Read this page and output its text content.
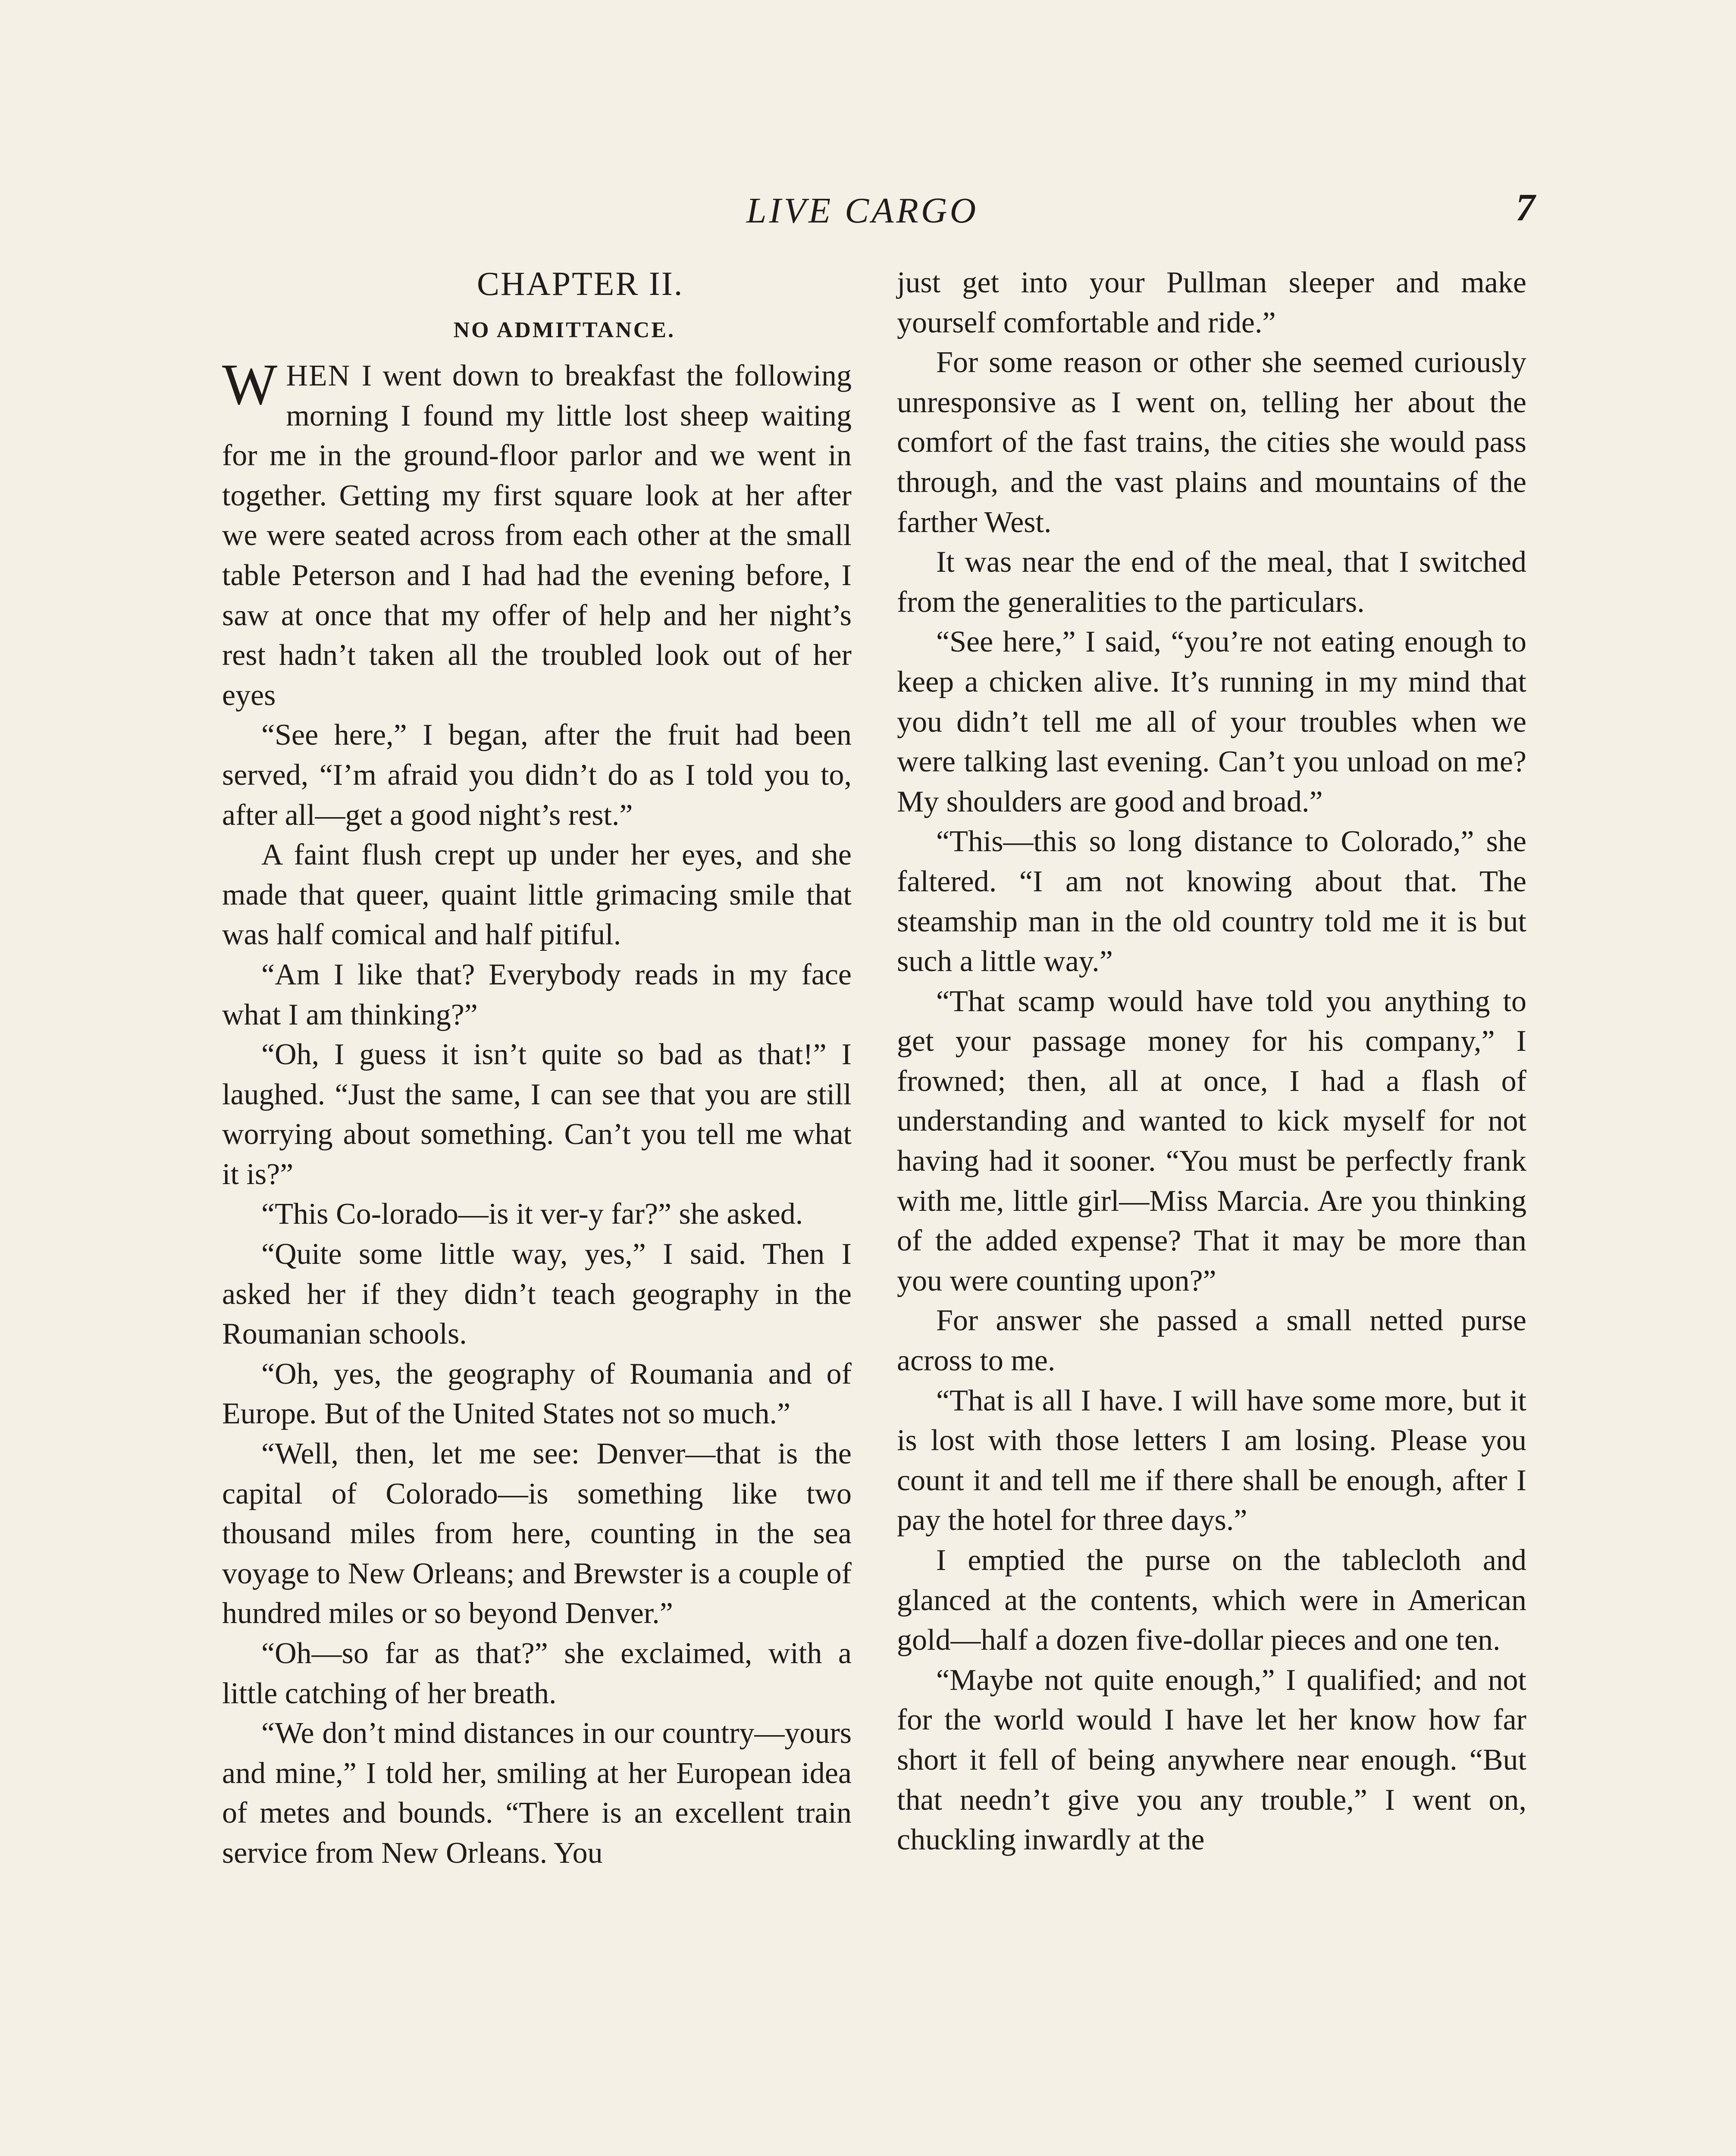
LIVE CARGO	7

CHAPTER II.

NO ADMITTANCE.

WHEN I went down to breakfast the following morning I found my little lost sheep waiting for me in the ground-floor parlor and we went in together. Getting my first square look at her after we were seated across from each other at the small table Peterson and I had had the evening before, I saw at once that my offer of help and her night’s rest hadn’t taken all the troubled look out of her eyes

“See here,” I began, after the fruit had been served, “I’m afraid you didn’t do as I told you to, after all—get a good night’s rest.”

A faint flush crept up under her eyes, and she made that queer, quaint little grimacing smile that was half comical and half pitiful.

“Am I like that? Everybody reads in my face what I am thinking?”

“Oh, I guess it isn’t quite so bad as that!” I laughed. “Just the same, I can see that you are still worrying about something. Can’t you tell me what it is?”

“This Co-lorado—is it ver-y far?” she asked.

“Quite some little way, yes,” I said. Then I asked her if they didn’t teach geography in the Roumanian schools.

“Oh, yes, the geography of Roumania and of Europe. But of the United States not so much.”

“Well, then, let me see: Denver—that is the capital of Colorado—is something like two thousand miles from here, counting in the sea voyage to New Orleans; and Brewster is a couple of hundred miles or so beyond Denver.”

“Oh—so far as that?” she exclaimed, with a little catching of her breath.

“We don’t mind distances in our country—yours and mine,” I told her, smiling at her European idea of metes and bounds. “There is an excellent train service from New Orleans. You

just get into your Pullman sleeper and make yourself comfortable and ride.”

For some reason or other she seemed curiously unresponsive as I went on, telling her about the comfort of the fast trains, the cities she would pass through, and the vast plains and mountains of the farther West.

It was near the end of the meal, that I switched from the generalities to the particulars.

“See here,” I said, “you’re not eating enough to keep a chicken alive. It’s running in my mind that you didn’t tell me all of your troubles when we were talking last evening. Can’t you unload on me? My shoulders are good and broad.”

“This—this so long distance to Colorado,” she faltered. “I am not knowing about that. The steamship man in the old country told me it is but such a little way.”

“That scamp would have told you anything to get your passage money for his company,” I frowned; then, all at once, I had a flash of understanding and wanted to kick myself for not having had it sooner. “You must be perfectly frank with me, little girl—Miss Marcia. Are you thinking of the added expense? That it may be more than you were counting upon?”

For answer she passed a small netted purse across to me.

“That is all I have. I will have some more, but it is lost with those letters I am losing. Please you count it and tell me if there shall be enough, after I pay the hotel for three days.”

I emptied the purse on the tablecloth and glanced at the contents, which were in American gold—half a dozen five-dollar pieces and one ten.

“Maybe not quite enough,” I qualified; and not for the world would I have let her know how far short it fell of being anywhere near enough. “But that needn’t give you any trouble,” I went on, chuckling inwardly at the
